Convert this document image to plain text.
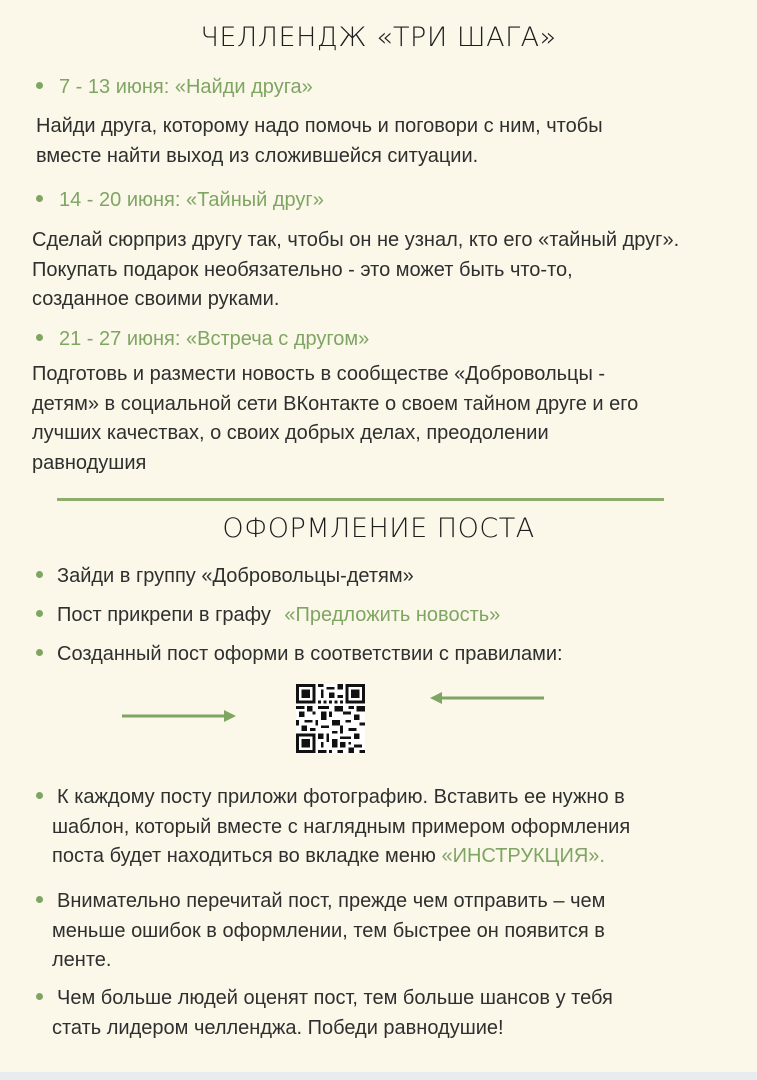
ЧЕЛЛЕНДЖ «ТРИ ШАГА»
7 - 13 июня: «Найди друга»
Найди друга, которому надо помочь и поговори с ним, чтобы
вместе найти выход из сложившейся ситуации.
14 - 20 июня: «Тайный друг»
Сделай сюрприз другу так, чтобы он не узнал, кто его «тайный друг».
Покупать подарок необязательно - это может быть что-то,
созданное своими руками.
21 - 27 июня: «Встреча с другом»
Подготовь и размести новость в сообществе «Добровольцы -
детям» в социальной сети ВКонтакте о своем тайном друге и его
лучших качествах, о своих добрых делах, преодолении
равнодушия
ОФОРМЛЕНИЕ ПОСТА
Зайди в группу «Добровольцы-детям»
Пост прикрепи в графу «Предложить новость»
Созданный пост оформи в соответствии с правилами:
К каждому посту приложи фотографию. Вставить ее нужно в
шаблон, который вместе с наглядным примером оформления
поста будет находиться во вкладке меню «ИНСТРУКЦИЯ».
Внимательно перечитай пост, прежде чем отправить – чем
меньше ошибок в оформлении, тем быстрее он появится в
ленте.
Чем больше людей оценят пост, тем больше шансов у тебя
стать лидером челленджа. Победи равнодушие!
